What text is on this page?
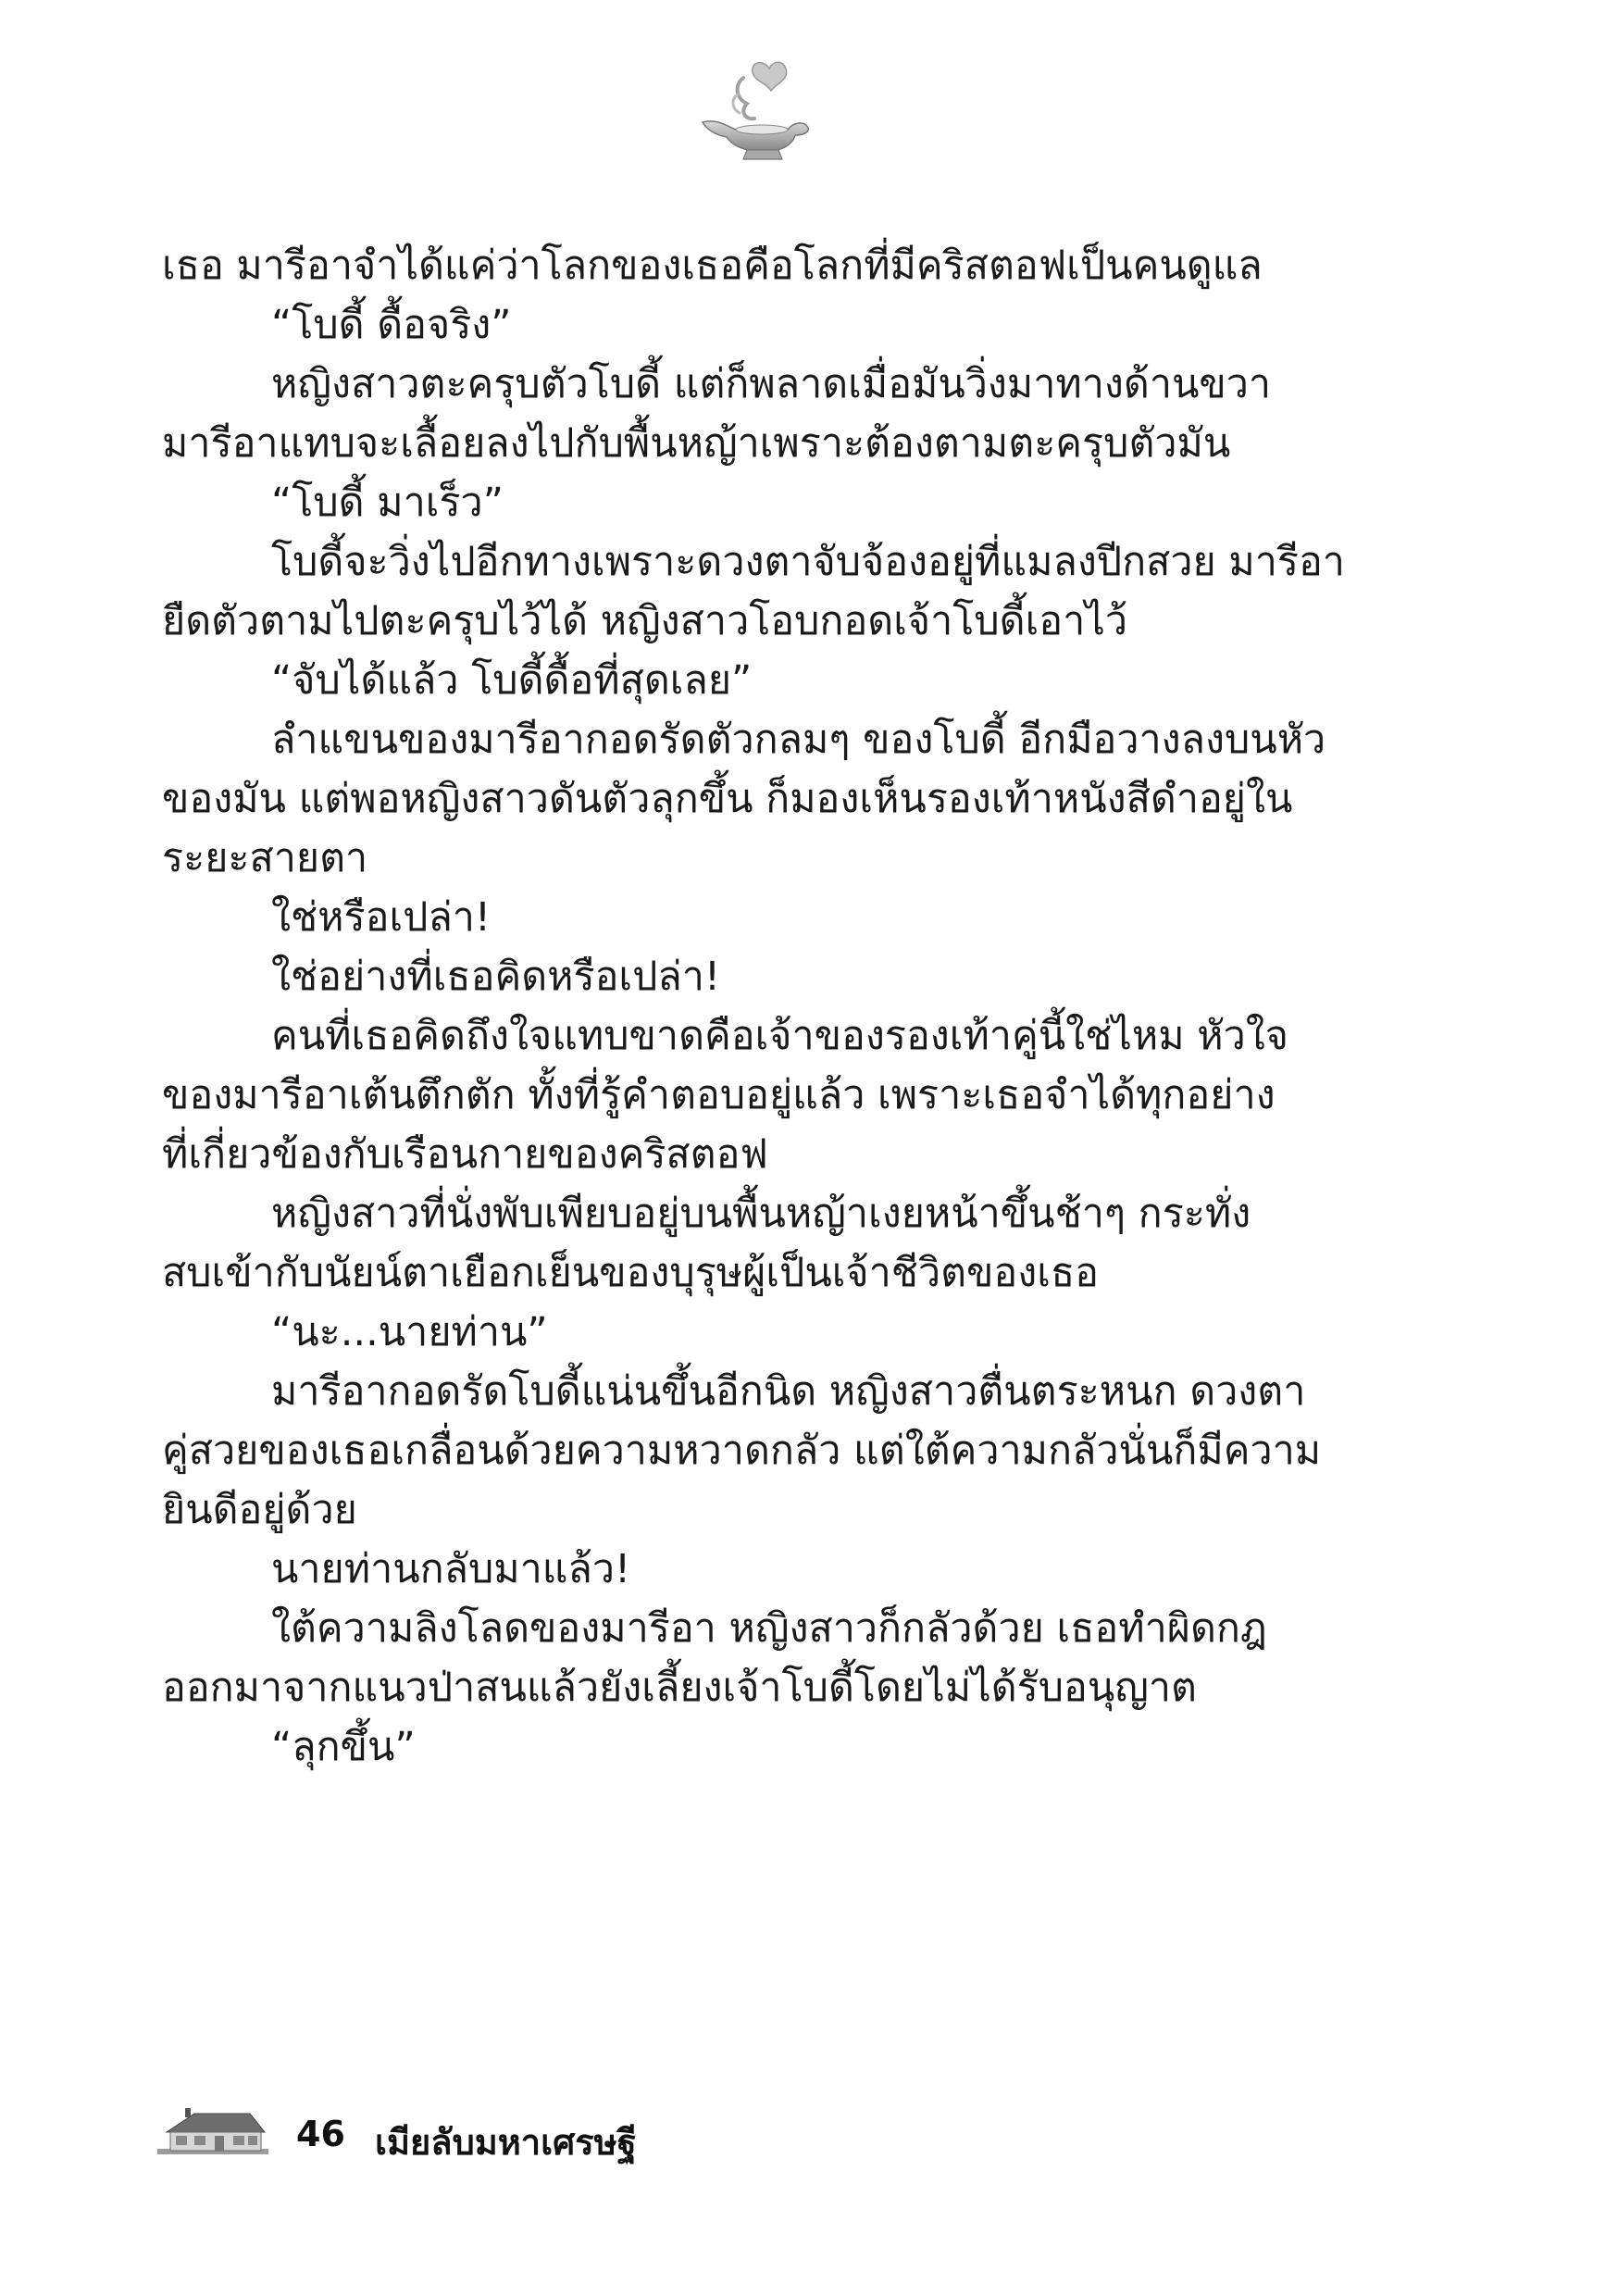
เธอ มารีอาจำได้แค่ว่าโลกของเธอคือโลกที่มีคริสตอฟเป็นคนดูแล

“โบดี้ ดื้อจริง”

หญิงสาวตะครุบตัวโบดี้ แต่ก็พลาดเมื่อมันวิ่งมาทางด้านขวา

มารีอาแทบจะเลื้อยลงไปกับพื้นหญ้าเพราะต้องตามตะครุบตัวมัน

“โบดี้ มาเร็ว”

โบดี้จะวิ่งไปอีกทางเพราะดวงตาจับจ้องอยู่ที่แมลงปีกสวย มารีอา

ยืดตัวตามไปตะครุบไว้ได้ หญิงสาวโอบกอดเจ้าโบดี้เอาไว้

“จับได้แล้ว โบดี้ดื้อที่สุดเลย”

ลำแขนของมารีอากอดรัดตัวกลมๆ ของโบดี้ อีกมือวางลงบนหัว

ของมัน แต่พอหญิงสาวดันตัวลุกขึ้น ก็มองเห็นรองเท้าหนังสีดำอยู่ใน

ระยะสายตา

ใช่หรือเปล่า!

ใช่อย่างที่เธอคิดหรือเปล่า!

คนที่เธอคิดถึงใจแทบขาดคือเจ้าของรองเท้าคู่นี้ใช่ไหม หัวใจ

ของมารีอาเต้นตึกตัก ทั้งที่รู้คำตอบอยู่แล้ว เพราะเธอจำได้ทุกอย่าง

ที่เกี่ยวข้องกับเรือนกายของคริสตอฟ

หญิงสาวที่นั่งพับเพียบอยู่บนพื้นหญ้าเงยหน้าขึ้นช้าๆ กระทั่ง

สบเข้ากับนัยน์ตาเยือกเย็นของบุรุษผู้เป็นเจ้าชีวิตของเธอ

“นะ...นายท่าน”

มารีอากอดรัดโบดี้แน่นขึ้นอีกนิด หญิงสาวตื่นตระหนก ดวงตา

คู่สวยของเธอเกลื่อนด้วยความหวาดกลัว แต่ใต้ความกลัวนั่นก็มีความ

ยินดีอยู่ด้วย

นายท่านกลับมาแล้ว!

ใต้ความลิงโลดของมารีอา หญิงสาวก็กลัวด้วย เธอทำผิดกฎ

ออกมาจากแนวป่าสนแล้วยังเลี้ยงเจ้าโบดี้โดยไม่ได้รับอนุญาต

“ลุกขึ้น”

46 เมียลับมหาเศรษฐี
